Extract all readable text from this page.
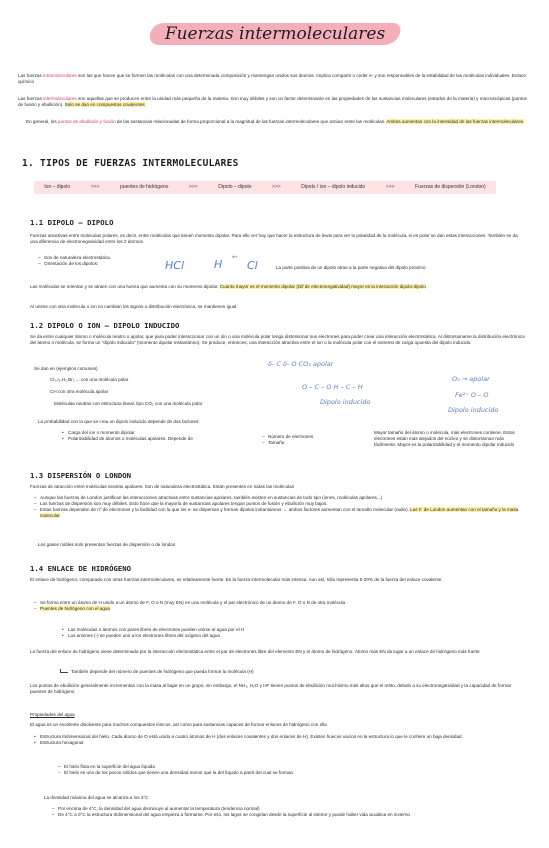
Fuerzas intermoleculares
Las fuerzas intramoleculares son las que hacen que se formen las moléculas con una determinada composición y mantengan unidos sus átomos. Implica compartir o ceder e- y son responsables de la estabilidad de las moléculas individuales. Enlace químico
Las fuerzas intermoleculares son aquellas que se producen entre la unidad más pequeña de la materia. Son muy débiles y son un factor determinante en las propiedades de las sustancias moleculares (estados de la materia) y macroscópicas (puntos de fusión y ebullición). Solo se dan en compuestos covalentes
En general, los puntos de ebullición y fusión de las sustancias relacionadas de forma proporcional a la magnitud de las fuerzas intermoleculares que actúan entre las moléculas. Ambos aumentan con la intensidad de las fuerzas intermoleculares.
1. TIPOS DE FUERZAS INTERMOLECULARES
Ion – dipolo	>>>	puentes de hidrógeno	>>>	Dipolo – dipolo	>>>	Dipolo / ion – dipolo inducido	>>>	Fuerzas de dispersión (London)
1.1 DIPOLO – DIPOLO
Fuerzas atractivas entre moléculas polares, es decir, entre moléculas que tienen momento dipolar. Para ello ver hay que hacer la estructura de lewis para ver la polaridad de la molécula, si es polar se dan estas interacciones. También se da una diferencia de electronegatividad entre los 2 átomos
– Son de naturaleza electrostática.
– Orientación de los dipolos:	HCl	H
←
Cl	La parte positiva de un dipolo atrae a la parte negativa del dipolo próximo
Las moléculas se orientan y se atraen con una fuerza que aumenta con su momento dipolar. Cuanto mayor es el momento dipolar (Dif de electronegatividad) mayor es la interacción dipolo-dipolo
Al unirse con otra molécula o ion no cambian los signos o distribución electrónica, se mantienen igual
1.2 DIPOLO O ION – DIPOLO INDUCIDO
Se da entre cualquier átomo o molécula neutro o apolar, que para poder interaccionar con un ión o una molécula polar tenga distorsionar sus electrones para poder crear una interacción electrostática. Al distorsionarse la distribución electrónica del átomo o molécula, se forma un "dipolo inducido" (momento dipolar instantáneo). Se produce, entonces, una interacción atractiva entre el ion o la molécula polar con el extremo de carga opuesta del dipolo inducido.
Se dan en (ejemplos comunes)
Cl₂,I₂,H₂,Br₂ ... con una molécula polar
CH con otra molécula apolar
Moléculas neutras con estructura lineal, tipo CO₂ con una molécula polar
δ- C δ- O CO₂ apolar
O – C – O H – C – H
Dipolo inducido
O₂ → apolar
Fe²⁺ O – O
Dipolo inducido
La probabilidad con la que se crea un dipolo inducido depende de dos factores:
• Carga del ion o momento dipolar
• Polarizabilidad de átomos o moléculas apolares. Depende de
–	Número de electrones
– Tamaño
Mayor tamaño del átomo o molécula, más electrones contiene. Estos electrones están más alejados del núcleo y se distorsionan más fácilmente. Mayor es la polarizabilidad y el momento dipolar inducido
1.3 DISPERSIÓN O LONDON
Fuerzas de atracción entre moléculas neutras apolares. Son de naturaleza electrostática. Están presentes en todas las moléculas
– Aunque las fuerzas de London justifican las interacciones atractivas entre sustancias apolares, también existen en sustancias de todo tipo (iones, moléculas apolares...)
– Las fuerzas de dispersión son muy débiles. Esto hace que la mayoría de sustancias apolares tengan puntos de fusión y ebullición muy bajos.
– Estas fuerzas dependen de nº de electrones y la facilidad con la que los e- se dispersan y forman dipolos instantáneos → ambos factores aumentan con el tamaño molecular (radio). Las F. de London aumentan con el tamaño y la masa molecular
Los gases nobles solo presentan fuerzas de dispersión o de london
1.4 ENLACE DE HIDRÓGENO
El enlace de hidrógeno, comparado con otras fuerzas intermoleculares, es relativamente fuerte. Es la fuerza intermolecular más intensa. Aun así, sólo representa 5-20% de la fuerza del enlace covalente
– Se forma entre un átomo de H unido a un átomo de F, O o N (muy EN) en una molécula y el par electrónico de un átomo de F, O o N de otra molécula
– Puentes de hidrógeno con el agua
• Las moléculas o átomos con pares libres de electrones pueden unirse al agua por el H
• Los aniones (-) se pueden unir a los electrones libres del oxígeno del agua
La fuerza del enlace de hidrógeno viene determinada por la interacción electrostática entre el par de electrones libre del elemento EN y el átomo de hidrógeno. Átomo más EN da lugar a un enlace de hidrógeno más fuerte
También depende del número de puentes de hidrógeno que pueda formar la molécula (H)
Los puntos de ebullición generalmente incrementan con la masa al bajar en un grupo, sin embargo, el NH₃, H₂O y HF tienen puntos de ebullición muchísimo más altos que el resto, debido a su electronegatividad y la capacidad de formar puentes de hidrógeno
Propiedades del agua
El agua es un excelente disolvente para muchos compuestos iónicos, así como para sustancias capaces de formar enlaces de hidrógeno con ella
• Estructura tridimensional del hielo. Cada átomo de O está unido a cuatro átomos de H (dos enlaces covalentes y dos enlaces de H). Existen huecos vacíos en la estructura lo que le confiere un baja densidad
• Estructura hexagonal
– El hielo flota en la superficie del agua líquida
– El hielo es uno de los pocos sólidos que tienen una densidad menor que la del líquido a partir del cual se forman
La densidad máxima del agua se alcanza a los 4°C
– Por encima de 4°C, la densidad del agua disminuye al aumentar la temperatura (tendencia normal)
– De 4°C a 0°C la estructura tridimensional del agua empieza a formarse. Por eso, los lagos se congelan desde la superficie al interior y puede haber vida acuática en invierno
